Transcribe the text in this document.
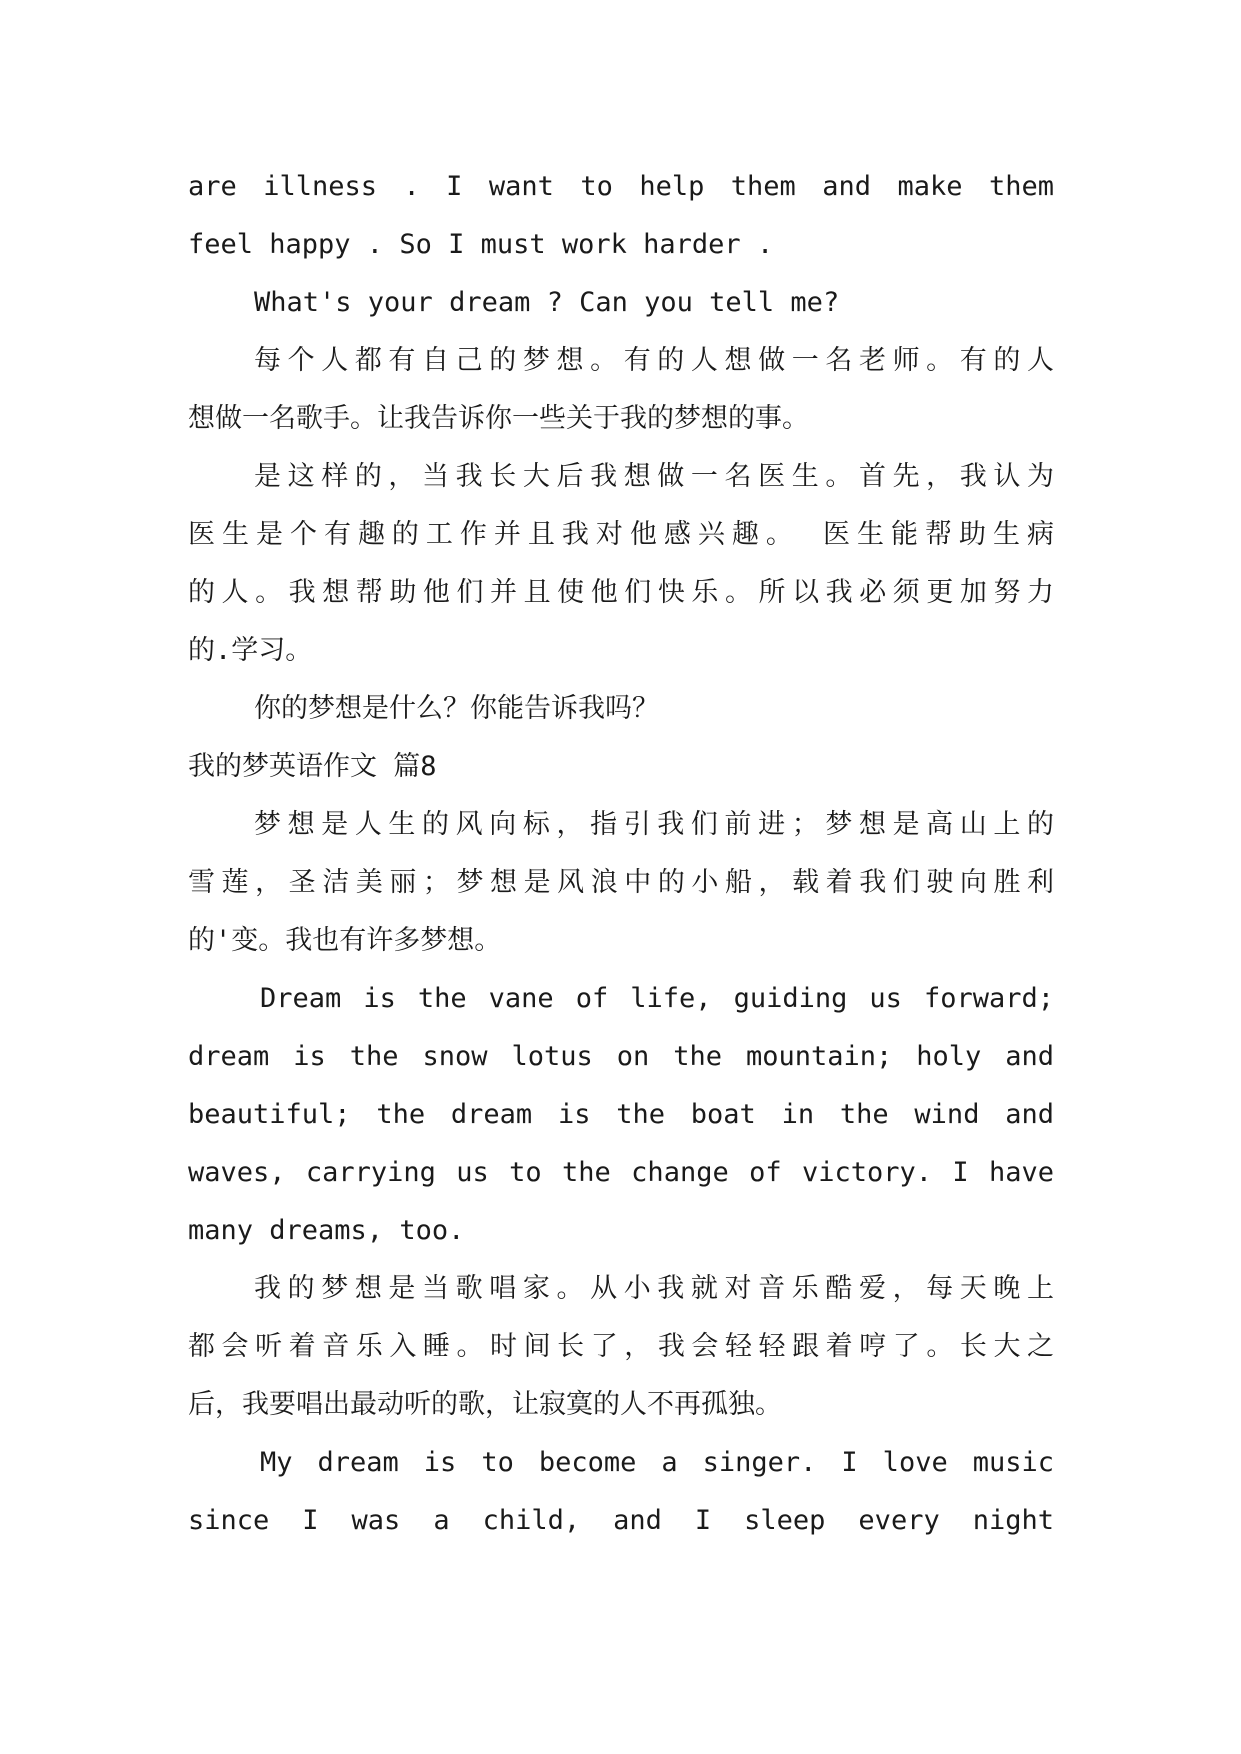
are illness . I want to help them and make them
feel happy . So I must work harder .
What's your dream ? Can you tell me?
每个人都有自己的梦想。有的人想做一名老师。有的人
想做一名歌手。让我告诉你一些关于我的梦想的事。
是这样的，当我长大后我想做一名医生。首先，我认为
医生是个有趣的工作并且我对他感兴趣。 医生能帮助生病
的人。我想帮助他们并且使他们快乐。所以我必须更加努力
的.学习。
你的梦想是什么？你能告诉我吗？
我的梦英语作文 篇8
梦想是人生的风向标，指引我们前进；梦想是高山上的
雪莲，圣洁美丽；梦想是风浪中的小船，载着我们驶向胜利
的'变。我也有许多梦想。
Dream is the vane of life, guiding us forward;
dream is the snow lotus on the mountain; holy and
beautiful; the dream is the boat in the wind and
waves, carrying us to the change of victory. I have
many dreams, too.
我的梦想是当歌唱家。从小我就对音乐酷爱，每天晚上
都会听着音乐入睡。时间长了，我会轻轻跟着哼了。长大之
后，我要唱出最动听的歌，让寂寞的人不再孤独。
My dream is to become a singer. I love music
since I was a child, and I sleep every night
